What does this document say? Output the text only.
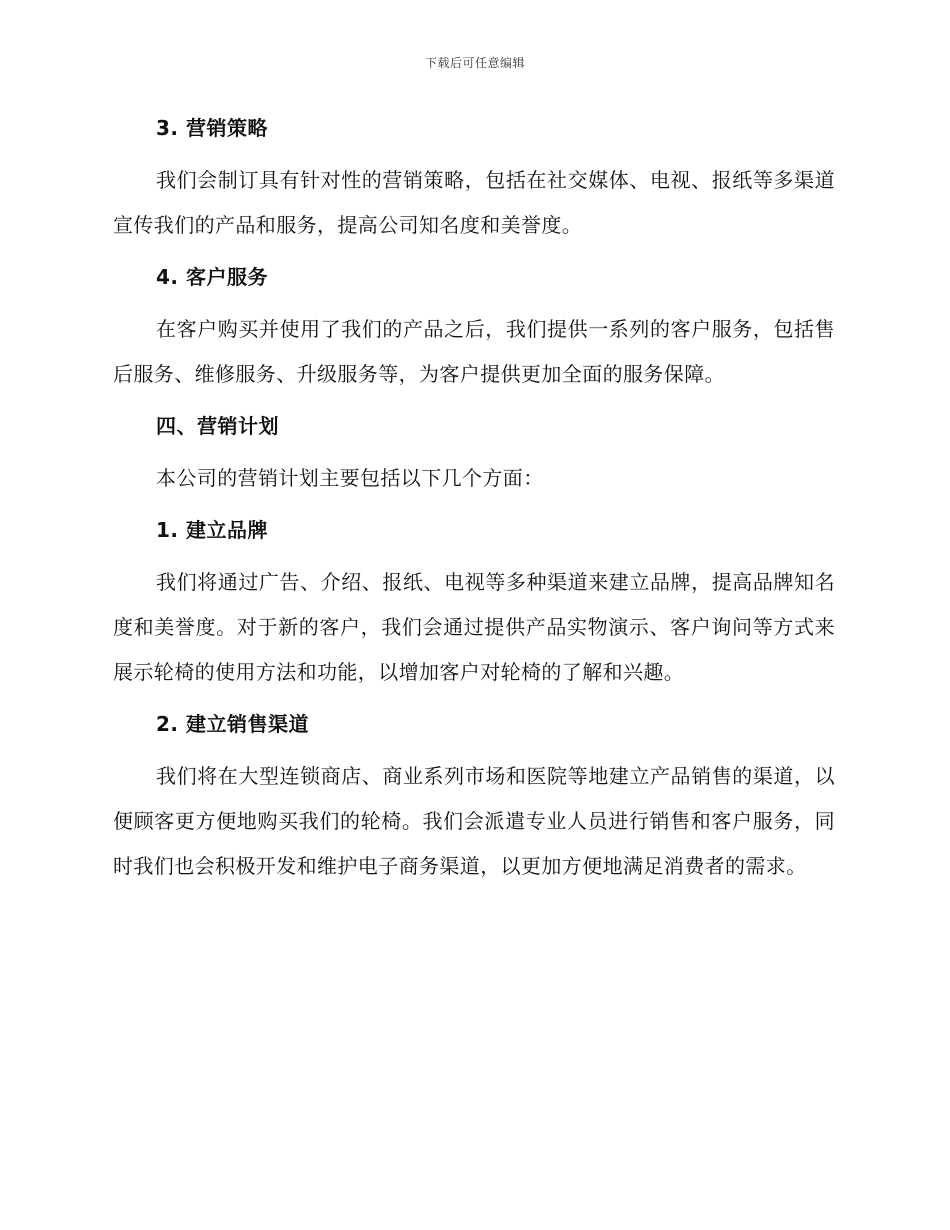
下载后可任意编辑
3. 营销策略

我们会制订具有针对性的营销策略，包括在社交媒体、电视、报纸等多渠道宣传我们的产品和服务，提高公司知名度和美誉度。

4. 客户服务

在客户购买并使用了我们的产品之后，我们提供一系列的客户服务，包括售后服务、维修服务、升级服务等，为客户提供更加全面的服务保障。

四、营销计划

本公司的营销计划主要包括以下几个方面：

1. 建立品牌

我们将通过广告、介绍、报纸、电视等多种渠道来建立品牌，提高品牌知名度和美誉度。对于新的客户，我们会通过提供产品实物演示、客户询问等方式来展示轮椅的使用方法和功能，以增加客户对轮椅的了解和兴趣。

2. 建立销售渠道

我们将在大型连锁商店、商业系列市场和医院等地建立产品销售的渠道，以便顾客更方便地购买我们的轮椅。我们会派遣专业人员进行销售和客户服务，同时我们也会积极开发和维护电子商务渠道，以更加方便地满足消费者的需求。
